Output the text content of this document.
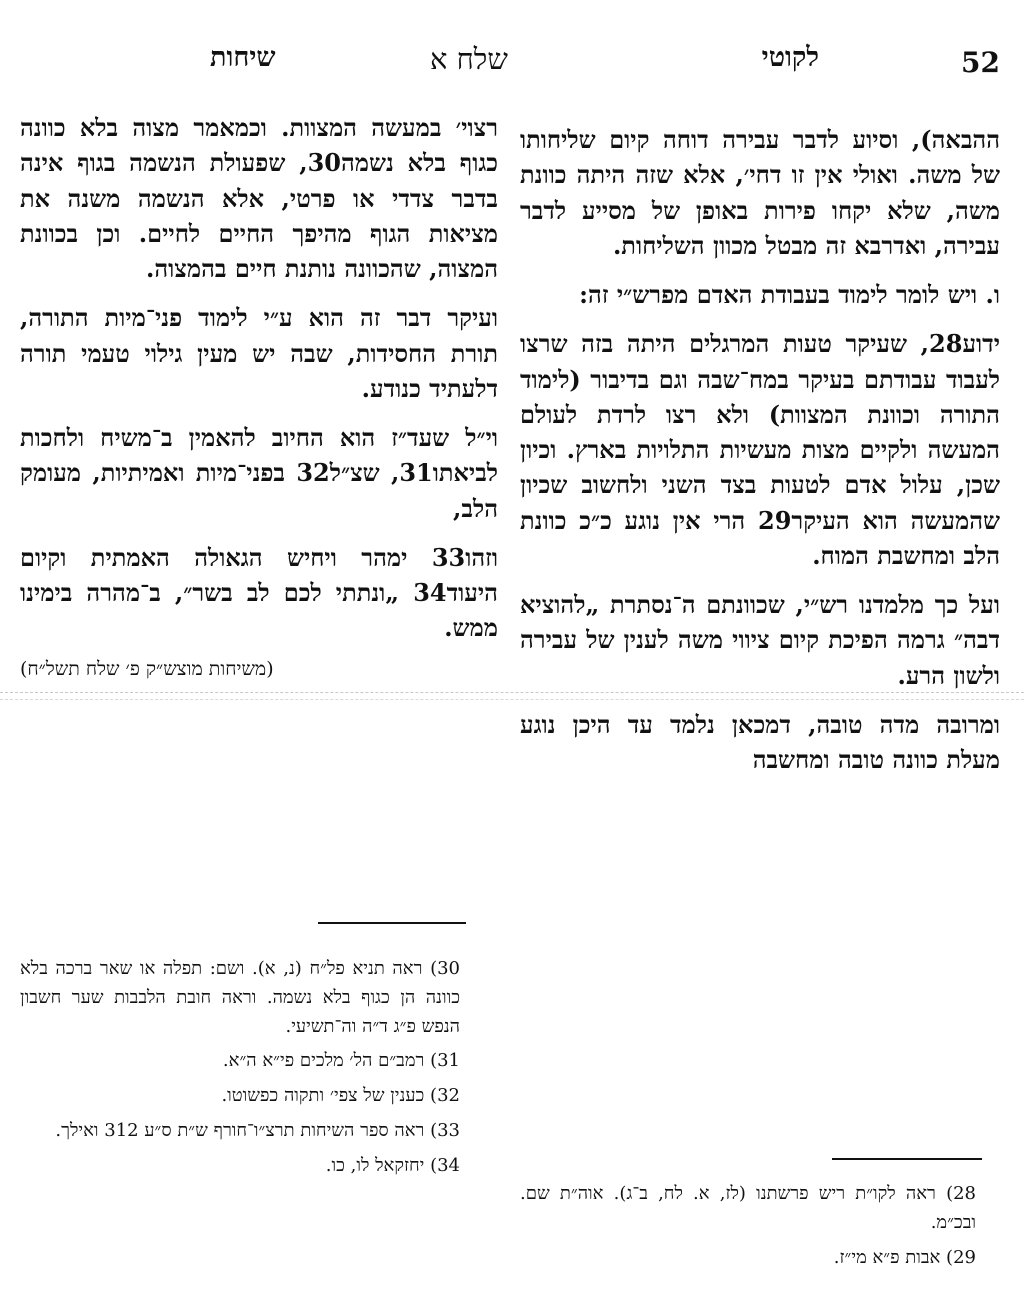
52
לקוטי
שלח א
שיחות

ההבאה), וסיוע לדבר עבירה דוחה קיום שליחותו של משה. ואולי אין זו דחי׳, אלא שזה היתה כוונת משה, שלא יקחו פירות באופן של מסייע לדבר עבירה, ואדרבא זה מבטל מכוון השליחות.

ו. ויש לומר לימוד בעבודת האדם מפרש״י זה:

ידוע28, שעיקר טעות המרגלים היתה בזה שרצו לעבוד עבודתם בעיקר במח־שבה וגם בדיבור (לימוד התורה וכוונת המצוות) ולא רצו לרדת לעולם המעשה ולקיים מצות מעשיות התלויות בארץ. וכיון שכן, עלול אדם לטעות בצד השני ולחשוב שכיון שהמעשה הוא העיקר29 הרי אין נוגע כ״כ כוונת הלב ומחשבת המוח.

ועל כך מלמדנו רש״י, שכוונתם ה־נסתרת „להוציא דבה״ גרמה הפיכת קיום ציווי משה לענין של עבירה ולשון הרע.

ומרובה מדה טובה, דמכאן נלמד עד היכן נוגע מעלת כוונה טובה ומחשבה

רצוי׳ במעשה המצוות. וכמאמר מצוה בלא כוונה כגוף בלא נשמה30, שפעולת הנשמה בגוף אינה בדבר צדדי או פרטי, אלא הנשמה משנה את מציאות הגוף מהיפך החיים לחיים. וכן בכוונת המצוה, שהכוונה נותנת חיים בהמצוה.

ועיקר דבר זה הוא ע״י לימוד פני־מיות התורה, תורת החסידות, שבה יש מעין גילוי טעמי תורה דלעתיד כנודע.

וי״ל שעד״ז הוא החיוב להאמין ב־משיח ולחכות לביאתו31, שצ״ל32 בפני־מיות ואמיתיות, מעומק הלב,

וזהו33 ימהר ויחיש הגאולה האמתית וקיום היעוד34 „ונתתי לכם לב בשר״, ב־מהרה בימינו ממש.

(משיחות מוצש״ק פ׳ שלח תשל״ח)
30) ראה תניא פל״ח (נ, א). ושם: תפלה או שאר ברכה בלא כוונה הן כגוף בלא נשמה. וראה חובת הלבבות שער חשבון הנפש פ״ג ד״ה וה־תשיעי.
31) רמב״ם הל׳ מלכים פי״א ה״א.
32) כענין של צפי׳ ותקוה כפשוטו.
33) ראה ספר השיחות תרצ״ו־חורף ש״ת ס״ע 312 ואילך.
34) יחזקאל לו, כו.
28) ראה לקו״ת ריש פרשתנו (לז, א. לח, ב־ג). אוה״ת שם. ובכ״מ.
29) אבות פ״א מי״ז.
